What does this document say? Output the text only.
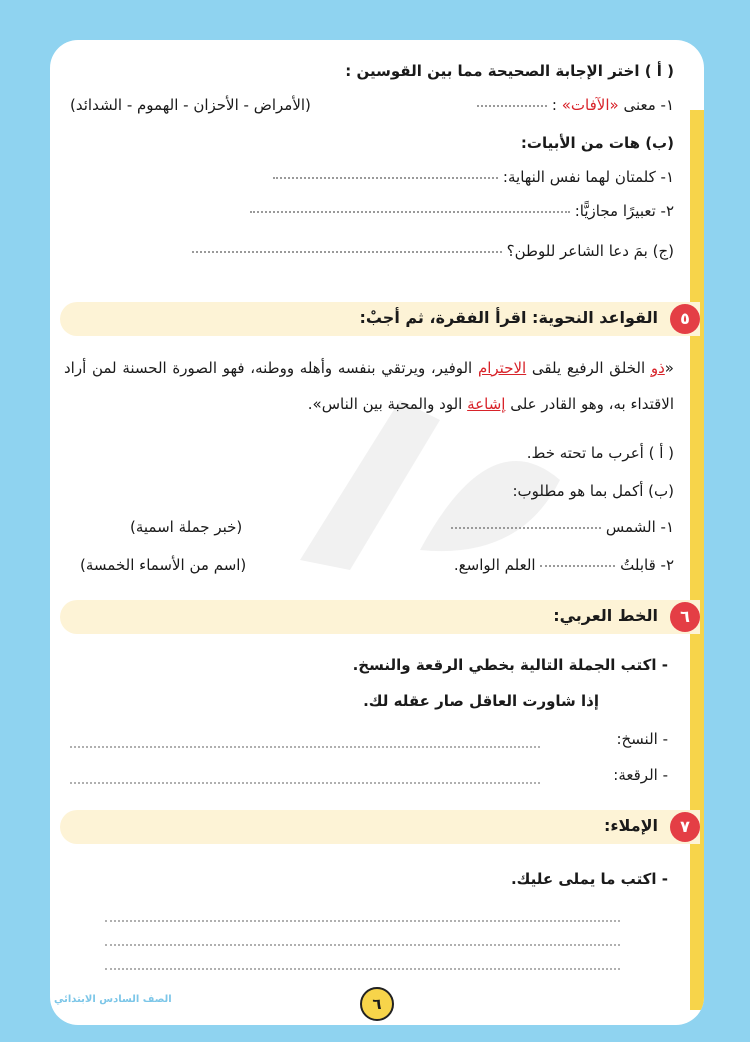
( أ ) اختر الإجابة الصحيحة مما بين القوسين :
١- معنى «الآفات» :
(الأمراض - الأحزان - الهموم - الشدائد)
(ب) هات من الأبيات:
١- كلمتان لهما نفس النهاية:
٢- تعبيرًا مجازيًّا:
(ج) بمَ دعا الشاعر للوطن؟
٥
القواعد النحوية: اقرأ الفقرة، ثم أجبْ:
«ذو الخلق الرفيع يلقى الاحترام الوفير، ويرتقي بنفسه وأهله ووطنه، فهو الصورة الحسنة لمن أراد الاقتداء به، وهو القادر على إشاعة الود والمحبة بين الناس».
( أ ) أعرب ما تحته خط.
(ب) أكمل بما هو مطلوب:
١- الشمس
(خبر جملة اسمية)
٢- قابلتُ  العلم الواسع.
(اسم من الأسماء الخمسة)
٦
الخط العربي:
- اكتب الجملة التالية بخطي الرقعة والنسخ.
إذا شاورت العاقل صار عقله لك.
- النسخ:
- الرقعة:
٧
الإملاء:
- اكتب ما يملى عليك.
الصف السادس الابتدائي	٦
